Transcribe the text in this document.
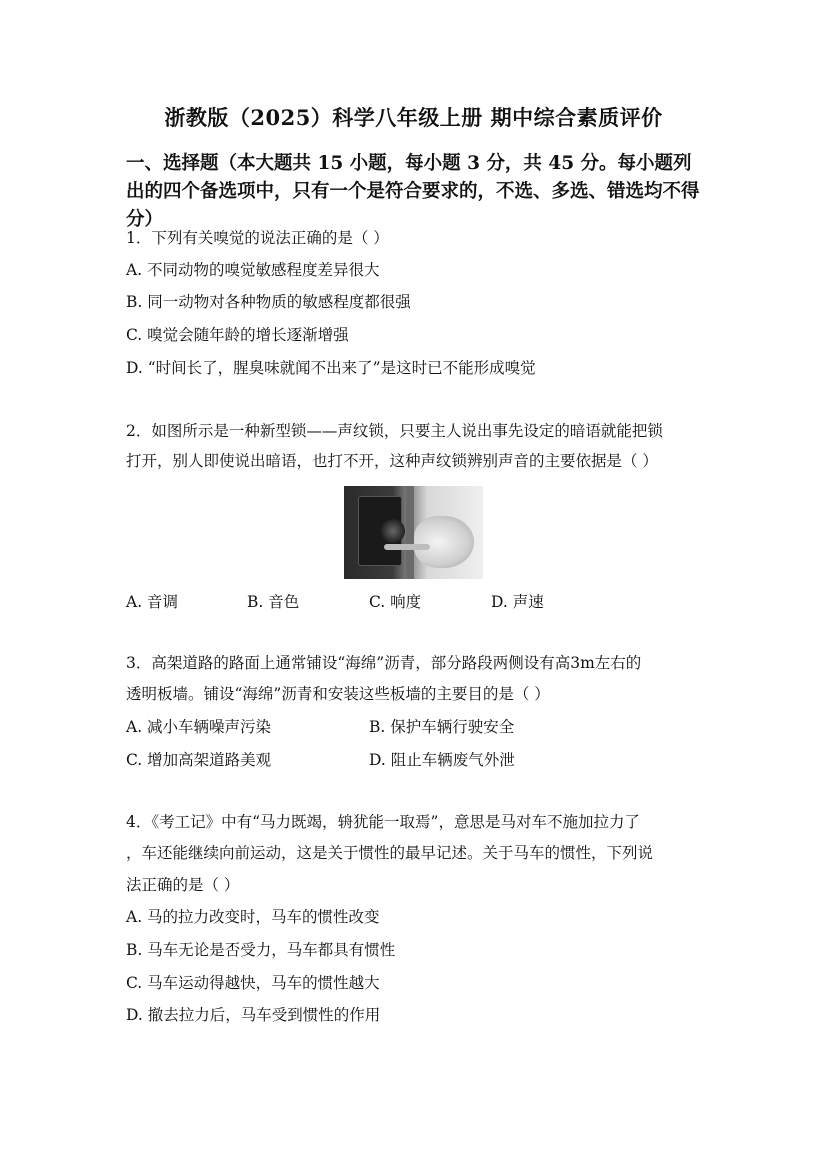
浙教版（2025）科学八年级上册 期中综合素质评价
一、选择题（本大题共 15 小题，每小题 3 分，共 45 分。每小题列出的四个备选项中，只有一个是符合要求的，不选、多选、错选均不得分）
1．下列有关嗅觉的说法正确的是（ ）
A. 不同动物的嗅觉敏感程度差异很大
B. 同一动物对各种物质的敏感程度都很强
C. 嗅觉会随年龄的增长逐渐增强
D. “时间长了，腥臭味就闻不出来了”是这时已不能形成嗅觉
2．如图所示是一种新型锁——声纹锁，只要主人说出事先设定的暗语就能把锁
打开，别人即使说出暗语，也打不开，这种声纹锁辨别声音的主要依据是（ ）
A. 音调	B. 音色	C. 响度	D. 声速
3．高架道路的路面上通常铺设“海绵”沥青，部分路段两侧设有高3m左右的
透明板墙。铺设“海绵”沥青和安装这些板墙的主要目的是（ ）
A. 减小车辆噪声污染	B. 保护车辆行驶安全
C. 增加高架道路美观	D. 阻止车辆废气外泄
4．《考工记》中有“马力既竭，辀犹能一取焉”，意思是马对车不施加拉力了
，车还能继续向前运动，这是关于惯性的最早记述。关于马车的惯性，下列说
法正确的是（ ）
A. 马的拉力改变时，马车的惯性改变
B. 马车无论是否受力，马车都具有惯性
C. 马车运动得越快，马车的惯性越大
D. 撤去拉力后，马车受到惯性的作用
